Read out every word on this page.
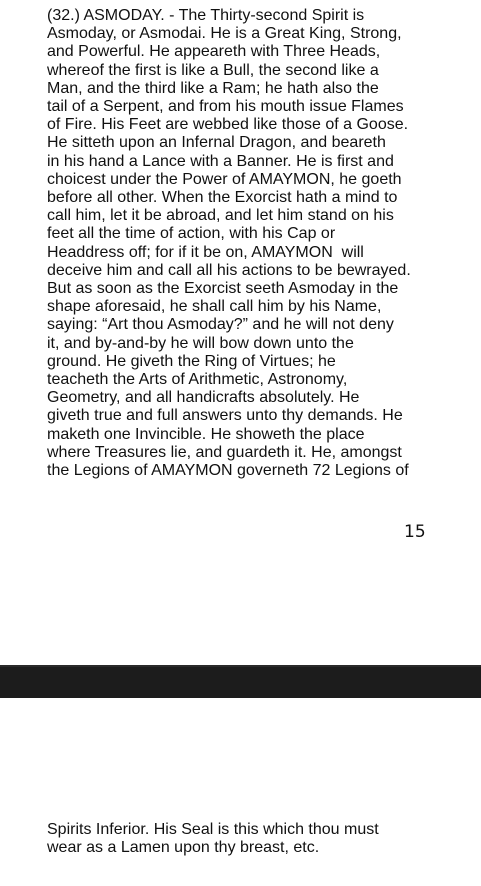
(32.) ASMODAY. - The Thirty-second Spirit is
Asmoday, or Asmodai. He is a Great King, Strong,
and Powerful. He appeareth with Three Heads,
whereof the first is like a Bull, the second like a
Man, and the third like a Ram; he hath also the
tail of a Serpent, and from his mouth issue Flames
of Fire. His Feet are webbed like those of a Goose.
He sitteth upon an Infernal Dragon, and beareth
in his hand a Lance with a Banner. He is first and
choicest under the Power of AMAYMON, he goeth
before all other. When the Exorcist hath a mind to
call him, let it be abroad, and let him stand on his
feet all the time of action, with his Cap or
Headdress off; for if it be on, AMAYMON  will
deceive him and call all his actions to be bewrayed.
But as soon as the Exorcist seeth Asmoday in the
shape aforesaid, he shall call him by his Name,
saying: “Art thou Asmoday?” and he will not deny
it, and by-and-by he will bow down unto the
ground. He giveth the Ring of Virtues; he
teacheth the Arts of Arithmetic, Astronomy,
Geometry, and all handicrafts absolutely. He
giveth true and full answers unto thy demands. He
maketh one Invincible. He showeth the place
where Treasures lie, and guardeth it. He, amongst
the Legions of AMAYMON governeth 72 Legions of

15

Spirits Inferior. His Seal is this which thou must
wear as a Lamen upon thy breast, etc.
